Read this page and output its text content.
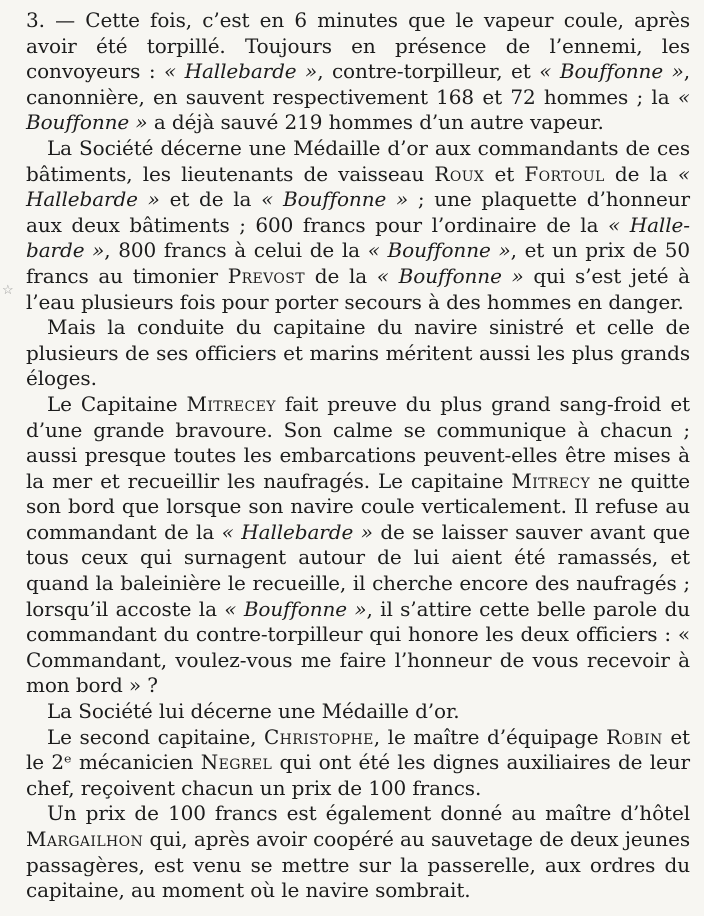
☆

3. — Cette fois, c’est en 6 minutes que le vapeur coule, après avoir été torpillé. Toujours en présence de l’ennemi, les convoyeurs : « Hallebarde », contre-torpilleur, et « Bouffonne », canonnière, en sauvent respectivement 168 et 72 hommes ; la « Bouffonne » a déjà sauvé 219 hommes d’un autre vapeur.

La Société décerne une Médaille d’or aux commandants de ces bâtiments, les lieutenants de vaisseau Roux et Fortoul de la « Hallebarde » et de la « Bouffonne » ; une plaquette d’honneur aux deux bâtiments ; 600 francs pour l’ordinaire de la « Hallebarde », 800 francs à celui de la « Bouffonne », et un prix de 50 francs au timonier Prevost de la « Bouffonne » qui s’est jeté à l’eau plusieurs fois pour porter secours à des hommes en danger.

Mais la conduite du capitaine du navire sinistré et celle de plusieurs de ses officiers et marins méritent aussi les plus grands éloges.

Le Capitaine Mitrecey fait preuve du plus grand sang-froid et d’une grande bravoure. Son calme se communique à chacun ; aussi presque toutes les embarcations peuvent-elles être mises à la mer et recueillir les naufragés. Le capitaine Mitrecy ne quitte son bord que lorsque son navire coule verticalement. Il refuse au commandant de la « Hallebarde » de se laisser sauver avant que tous ceux qui surnagent autour de lui aient été ramassés, et quand la baleinière le recueille, il cherche encore des naufragés ; lorsqu’il accoste la « Bouffonne », il s’attire cette belle parole du commandant du contre-torpilleur qui honore les deux officiers : « Commandant, voulez-vous me faire l’honneur de vous recevoir à mon bord » ?

La Société lui décerne une Médaille d’or.

Le second capitaine, Christophe, le maître d’équipage Robin et le 2ᵉ mécanicien Negrel qui ont été les dignes auxiliaires de leur chef, reçoivent chacun un prix de 100 francs.

Un prix de 100 francs est également donné au maître d’hôtel Margailhon qui, après avoir coopéré au sauvetage de deux jeunes passagères, est venu se mettre sur la passerelle, aux ordres du capitaine, au moment où le navire sombrait.
